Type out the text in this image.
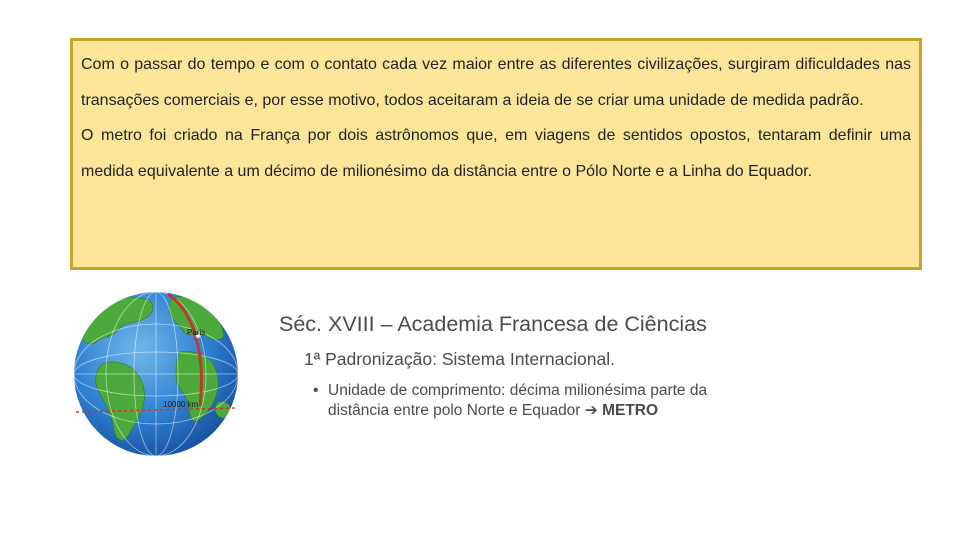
Com o passar do tempo e com o contato cada vez maior entre as diferentes civilizações, surgiram dificuldades nas transações comerciais e, por esse motivo, todos aceitaram a ideia de se criar uma unidade de medida padrão.

O metro foi criado na França por dois astrônomos que, em viagens de sentidos opostos, tentaram definir uma medida equivalente a um décimo de milionésimo da distância entre o Pólo Norte e a Linha do Equador.

Paris
10000 km
Séc. XVIII – Academia Francesa de Ciências
1ª Padronização: Sistema Internacional.
• Unidade de comprimento: décima milionésima parte da
distância entre polo Norte e Equador ➔ METRO
